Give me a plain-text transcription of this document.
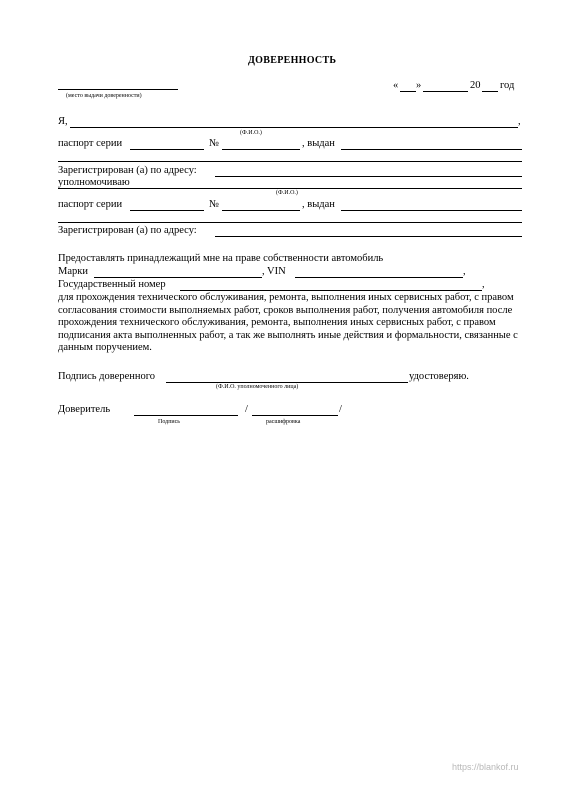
ДОВЕРЕННОСТЬ
(место выдачи доверенности)
« »	20 год
Я,	,
(Ф.И.О.)
паспорт серии	№	, выдан
Зарегистрирован (а) по адресу:
уполномочиваю
(Ф.И.О.)
паспорт серии	№	, выдан
Зарегистрирован (а) по адресу:
Предоставлять принадлежащий мне на праве собственности автомобиль
Марки	, VIN	,
Государственный номер	,
для прохождения технического обслуживания, ремонта, выполнения иных сервисных работ, с правом согласования стоимости выполняемых работ, сроков выполнения работ, получения автомобиля после прохождения технического обслуживания, ремонта, выполнения иных сервисных работ, с правом подписания акта выполненных работ, а так же выполнять иные действия и формальности, связанные с данным поручением.
Подпись доверенного	удостоверяю.
(Ф.И.О. уполномоченного лица)
Доверитель	/	/
Подпись	расшифровка
https://blankof.ru
